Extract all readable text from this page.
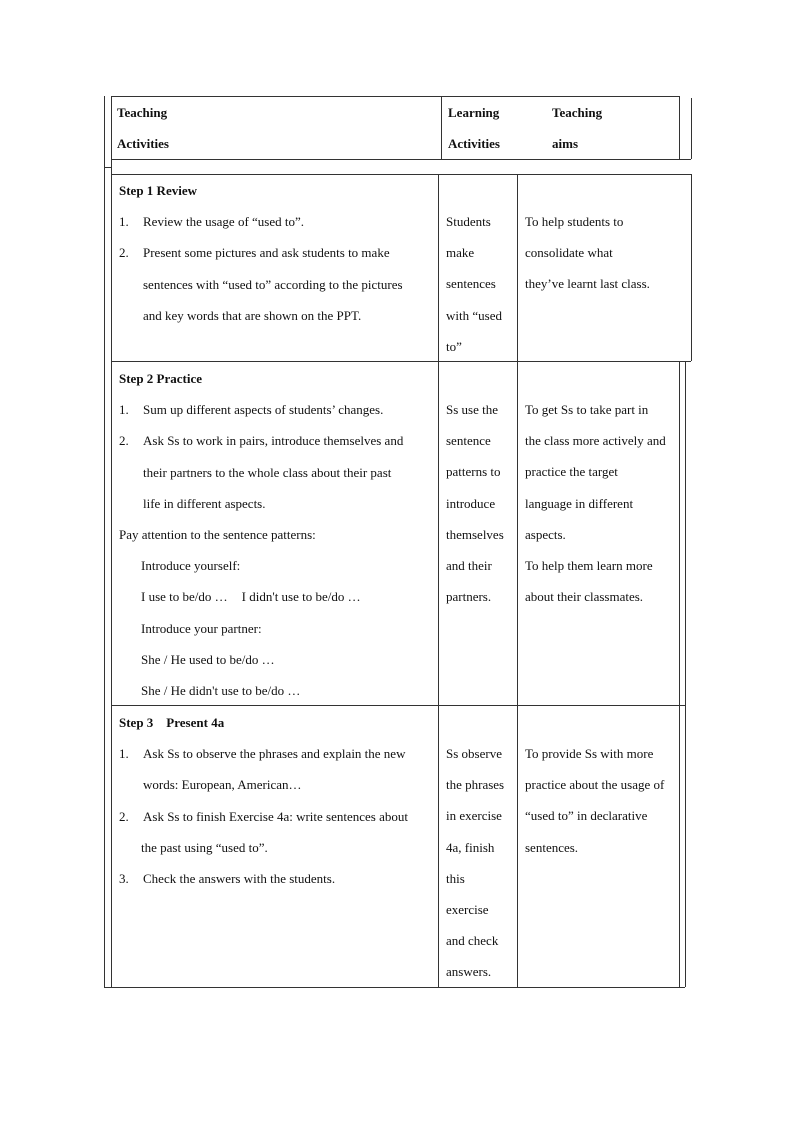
Teaching
Activities
Learning
Activities
Teaching
aims
Step 1 Review
1. Review the usage of “used to”.
2. Present some pictures and ask students to make
sentences with “used to” according to the pictures
and key words that are shown on the PPT.
Students
make
sentences
with “used
to”
To help students to
consolidate what
they’ve learnt last class.
Step 2 Practice
1. Sum up different aspects of students’ changes.
2. Ask Ss to work in pairs, introduce themselves and
their partners to the whole class about their past
life in different aspects.
Pay attention to the sentence patterns:
Introduce yourself:
I use to be/do … I didn't use to be/do …
Introduce your partner:
She / He used to be/do …
She / He didn't use to be/do …
Ss use the
sentence
patterns to
introduce
themselves
and their
partners.
To get Ss to take part in
the class more actively and
practice the target
language in different
aspects.
To help them learn more
about their classmates.
Step 3    Present 4a
1. Ask Ss to observe the phrases and explain the new
words: European, American…
2. Ask Ss to finish Exercise 4a: write sentences about
the past using “used to”.
3. Check the answers with the students.
Ss observe
the phrases
in exercise
4a, finish
this
exercise
and check
answers.
To provide Ss with more
practice about the usage of
“used to” in declarative
sentences.
